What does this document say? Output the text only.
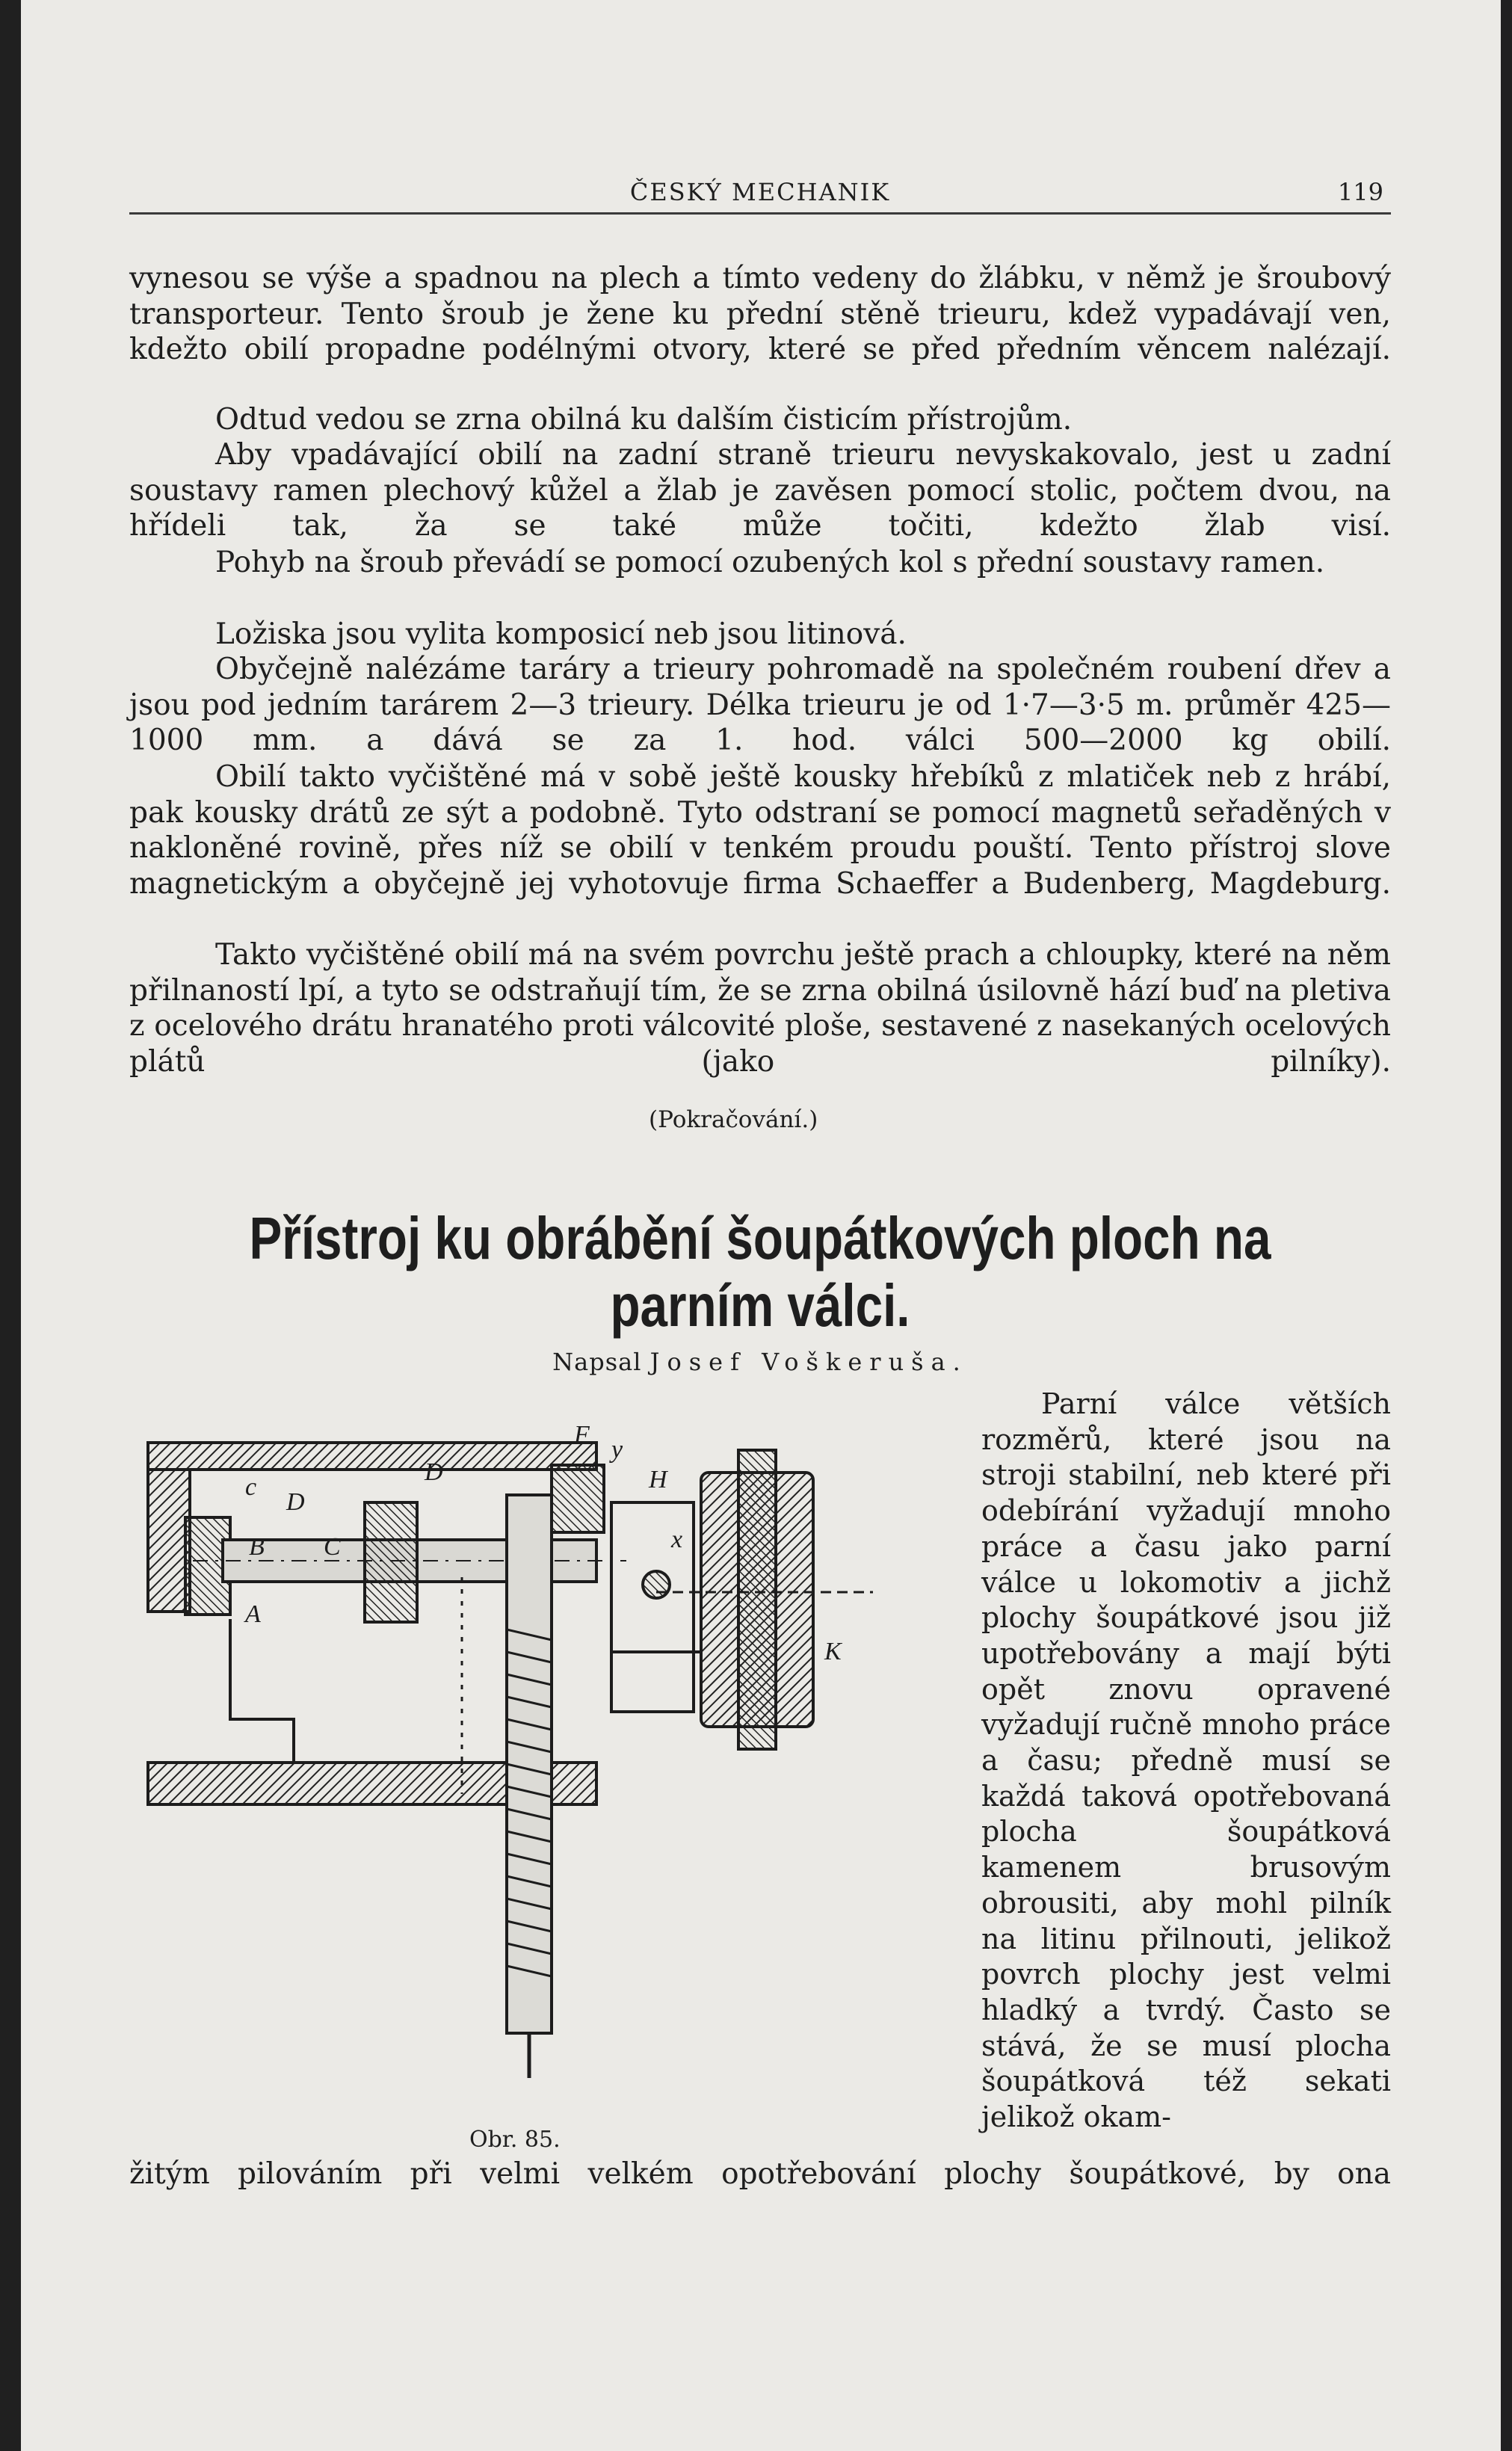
ČESKÝ MECHANIK	119

vynesou se výše a spadnou na plech a tímto vedeny do žlábku, v němž je šroubový transporteur. Tento šroub je žene ku přední stěně trieuru, kdež vypadávají ven, kdežto obilí propadne podélnými otvory, které se před předním věncem nalézají.

Odtud vedou se zrna obilná ku dalším čisticím přístrojům.

Aby vpadávající obilí na zadní straně trieuru nevyskakovalo, jest u zadní soustavy ramen plechový kůžel a žlab je zavěsen pomocí stolic, počtem dvou, na hřídeli tak, ža se také může točiti, kdežto žlab visí.

Pohyb na šroub převádí se pomocí ozubených kol s přední soustavy ramen.

Ložiska jsou vylita komposicí neb jsou litinová.

Obyčejně nalézáme taráry a trieury pohromadě na společném roubení dřev a jsou pod jedním tarárem 2—3 trieury. Délka trieuru je od 1·7—3·5 m. průměr 425—1000 mm. a dává se za 1. hod. válci 500—2000 kg obilí.

Obilí takto vyčištěné má v sobě ještě kousky hřebíků z mlatiček neb z hrábí, pak kousky drátů ze sýt a podobně. Tyto odstraní se pomocí magnetů seřaděných v nakloněné rovině, přes níž se obilí v tenkém proudu pouští. Tento přístroj slove magnetickým a obyčejně jej vyhotovuje firma Schaeffer a Budenberg, Magdeburg.

Takto vyčištěné obilí má na svém povrchu ještě prach a chloupky, které na něm přilnaností lpí, a tyto se odstraňují tím, že se zrna obilná úsilovně hází buď na pletiva z ocelového drátu hranatého proti válcovité ploše, sestavené z nasekaných ocelových plátů (jako pilníky).

(Pokračování.)
Přístroj ku obrábění šoupátkových ploch na
parním válci.
Napsal Josef Voškeruša.
D
c
B
A
C
D
F
y
H
x
K

Parní válce větších rozměrů, které jsou na stroji stabilní, neb které při odebírání vyžadují mnoho práce a času jako parní válce u lokomotiv a jichž plochy šoupátkové jsou již upotřebovány a mají býti opět znovu opravené vyžadují ručně mnoho práce a času; předně musí se každá taková opotřebovaná plocha šoupátková kamenem brusovým obrousiti, aby mohl pilník na litinu přilnouti, jelikož povrch plochy jest velmi hladký a tvrdý. Často se stává, že se musí plocha šoupátková též sekati jelikož okam-

Obr. 85.
žitým pilováním při velmi velkém opotřebování plochy šoupátkové, by ona
